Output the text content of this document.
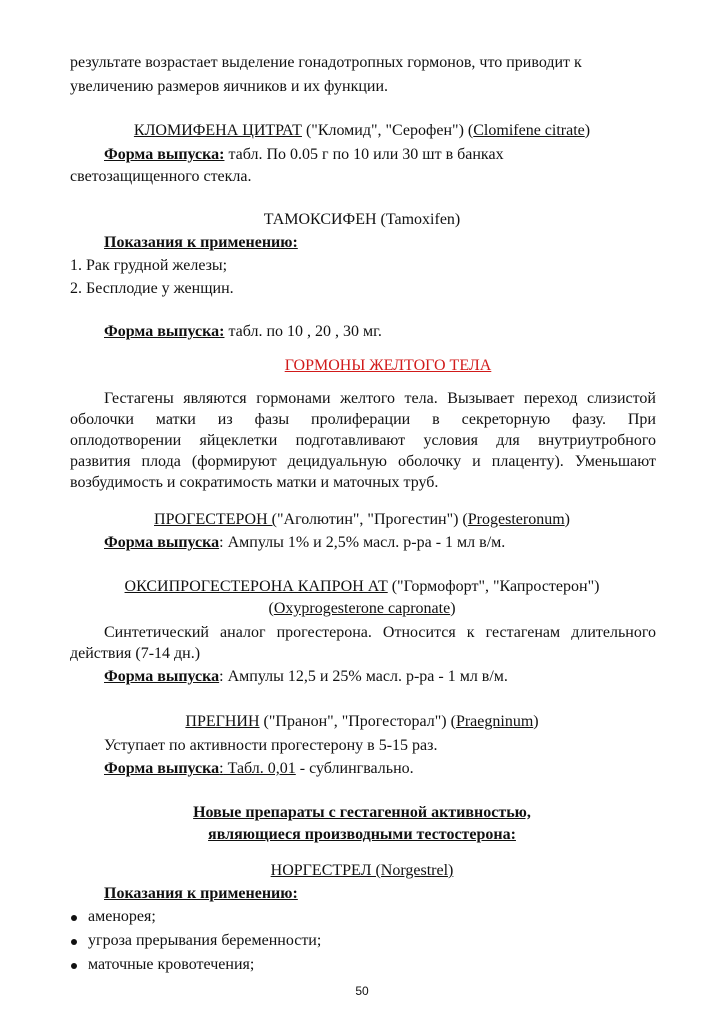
результате возрастает выделение гонадотропных гормонов, что приводит к
увеличению размеров яичников и их функции.
КЛОМИФЕНА ЦИТРАТ ("Кломид", "Серофен") (Clomifene citrate)
Форма выпуска: табл. По 0.05 г по 10 или 30 шт в банках
светозащищенного стекла.
ТАМОКСИФЕН (Tamoxifen)
Показания к применению:
1. Рак грудной железы;
2. Бесплодие у женщин.
Форма выпуска: табл. по 10 , 20 , 30 мг.
ГОРМОНЫ ЖЕЛТОГО ТЕЛА
Гестагены являются гормонами желтого тела. Вызывает переход слизистой
оболочки матки из фазы пролиферации в секреторную фазу. При
оплодотворении яйцеклетки подготавливают условия для внутриутробного
развития плода (формируют децидуальную оболочку и плаценту). Уменьшают
возбудимость и сократимость матки и маточных труб.
ПРОГЕСТЕРОН ("Аголютин", "Прогестин") (Progesteronum)
Форма выпуска: Ампулы 1% и 2,5% масл. р-ра - 1 мл в/м.
ОКСИПРОГЕСТЕРОНА КАПРОН АТ ("Гормофорт", "Капростерон")
(Oxyprogesterone capronate)
Синтетический аналог прогестерона. Относится к гестагенам длительного
действия (7-14 дн.)
Форма выпуска: Ампулы 12,5 и 25% масл. р-ра - 1 мл в/м.
ПРЕГНИН ("Пранон", "Прогесторал") (Praegninum)
Уступает по активности прогестерону в 5-15 раз.
Форма выпуска: Табл. 0,01 - сублингвально.
Новые препараты с гестагенной активностью,
являющиеся производными тестостерона:
НОРГЕСТРЕЛ (Norgestrel)
Показания к применению:
аменорея;
угроза прерывания беременности;
маточные кровотечения;
50
